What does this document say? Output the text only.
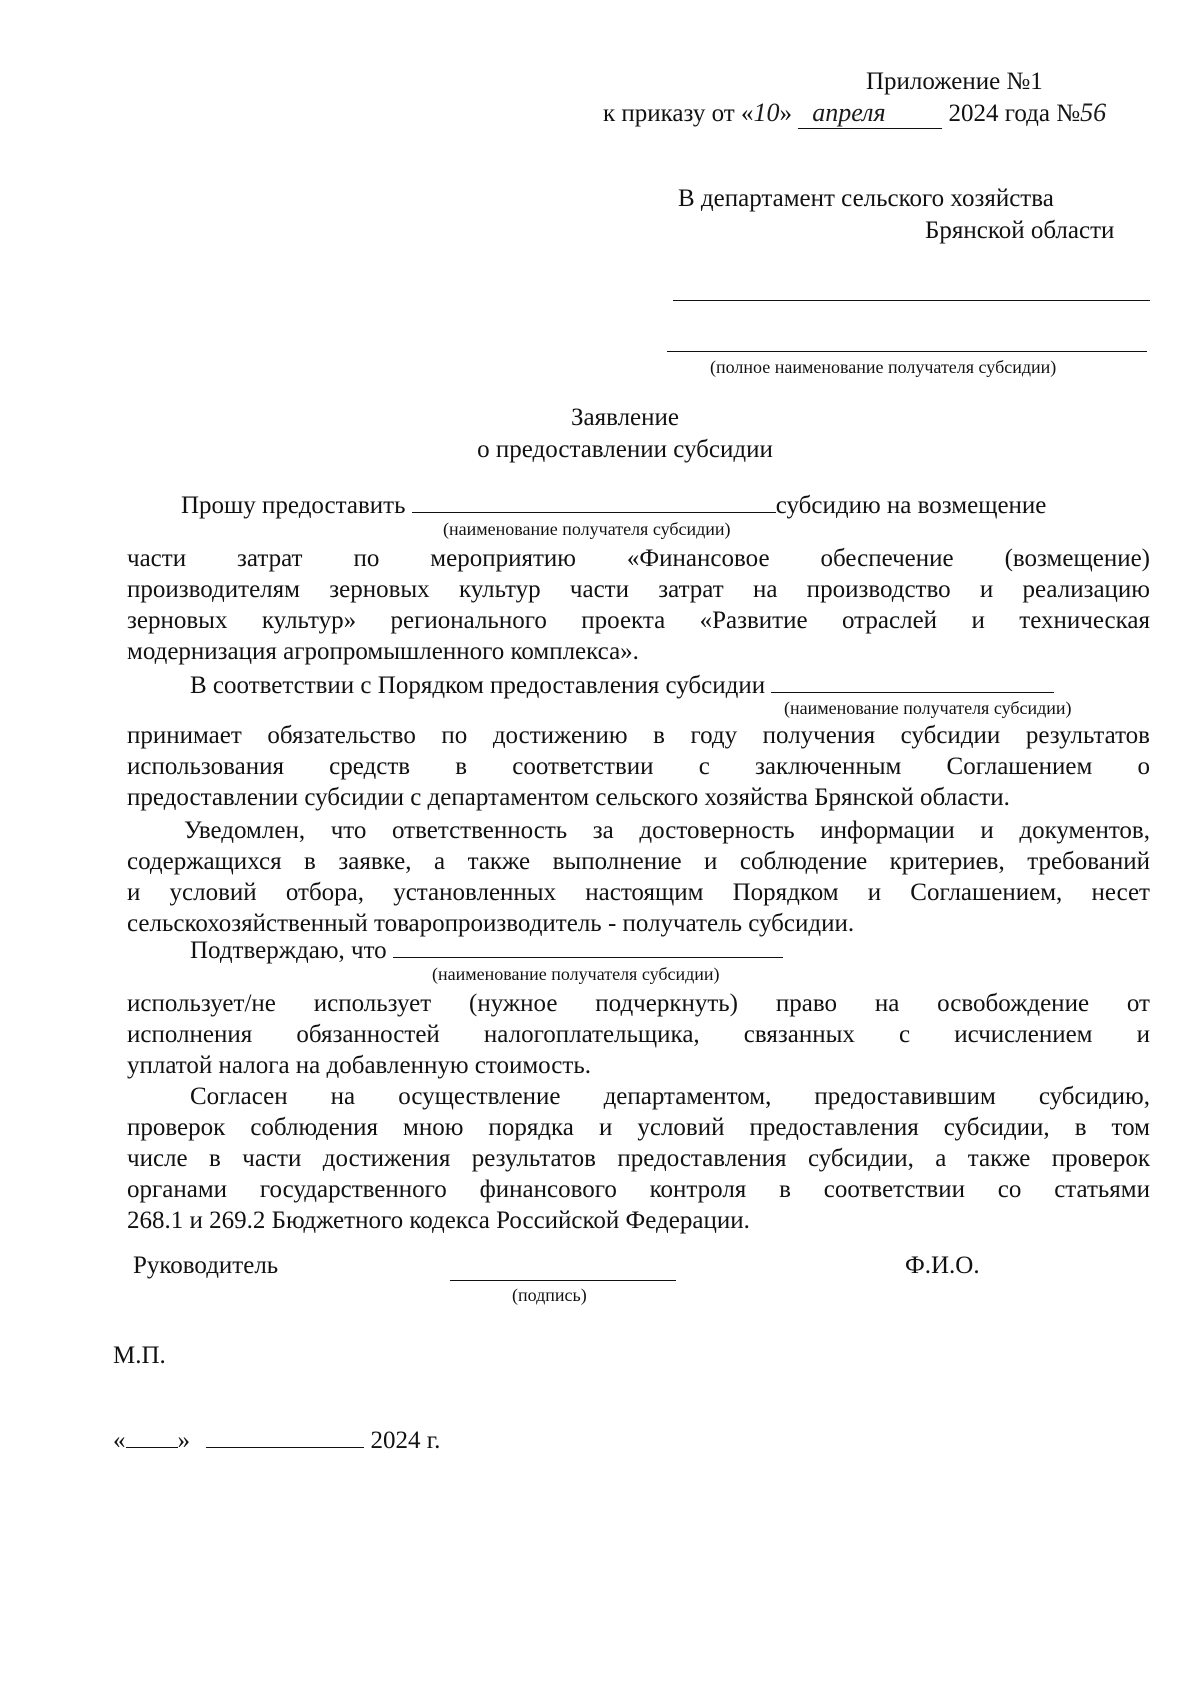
Приложение №1
к приказу от «10» апреля	2024 года №56
В департамент сельского хозяйства
Брянской области
(полное наименование получателя субсидии)
Заявление
о предоставлении субсидии
Прошу предоставить	субсидию на возмещение
(наименование получателя субсидии)
части затрат по мероприятию «Финансовое обеспечение (возмещение)
производителям зерновых культур части затрат на производство и реализацию
зерновых культур» регионального проекта «Развитие отраслей и техническая
модернизация агропромышленного комплекса».
В соответствии с Порядком предоставления субсидии
(наименование получателя субсидии)
принимает обязательство по достижению в году получения субсидии результатов
использования средств в соответствии с заключенным Соглашением о
предоставлении субсидии с департаментом сельского хозяйства Брянской области.
Уведомлен, что ответственность за достоверность информации и документов,
содержащихся в заявке, а также выполнение и соблюдение критериев, требований
и условий отбора, установленных настоящим Порядком и Соглашением, несет
сельскохозяйственный товаропроизводитель - получатель субсидии.
Подтверждаю, что
(наименование получателя субсидии)
использует/не использует (нужное подчеркнуть) право на освобождение от
исполнения обязанностей налогоплательщика, связанных с исчислением и
уплатой налога на добавленную стоимость.
Согласен на осуществление департаментом, предоставившим субсидию,
проверок соблюдения мною порядка и условий предоставления субсидии, в том
числе в части достижения результатов предоставления субсидии, а также проверок
органами государственного финансового контроля в соответствии со статьями
268.1 и 269.2 Бюджетного кодекса Российской Федерации.
Руководитель
(подпись)
Ф.И.О.
М.П.
« »	2024 г.
